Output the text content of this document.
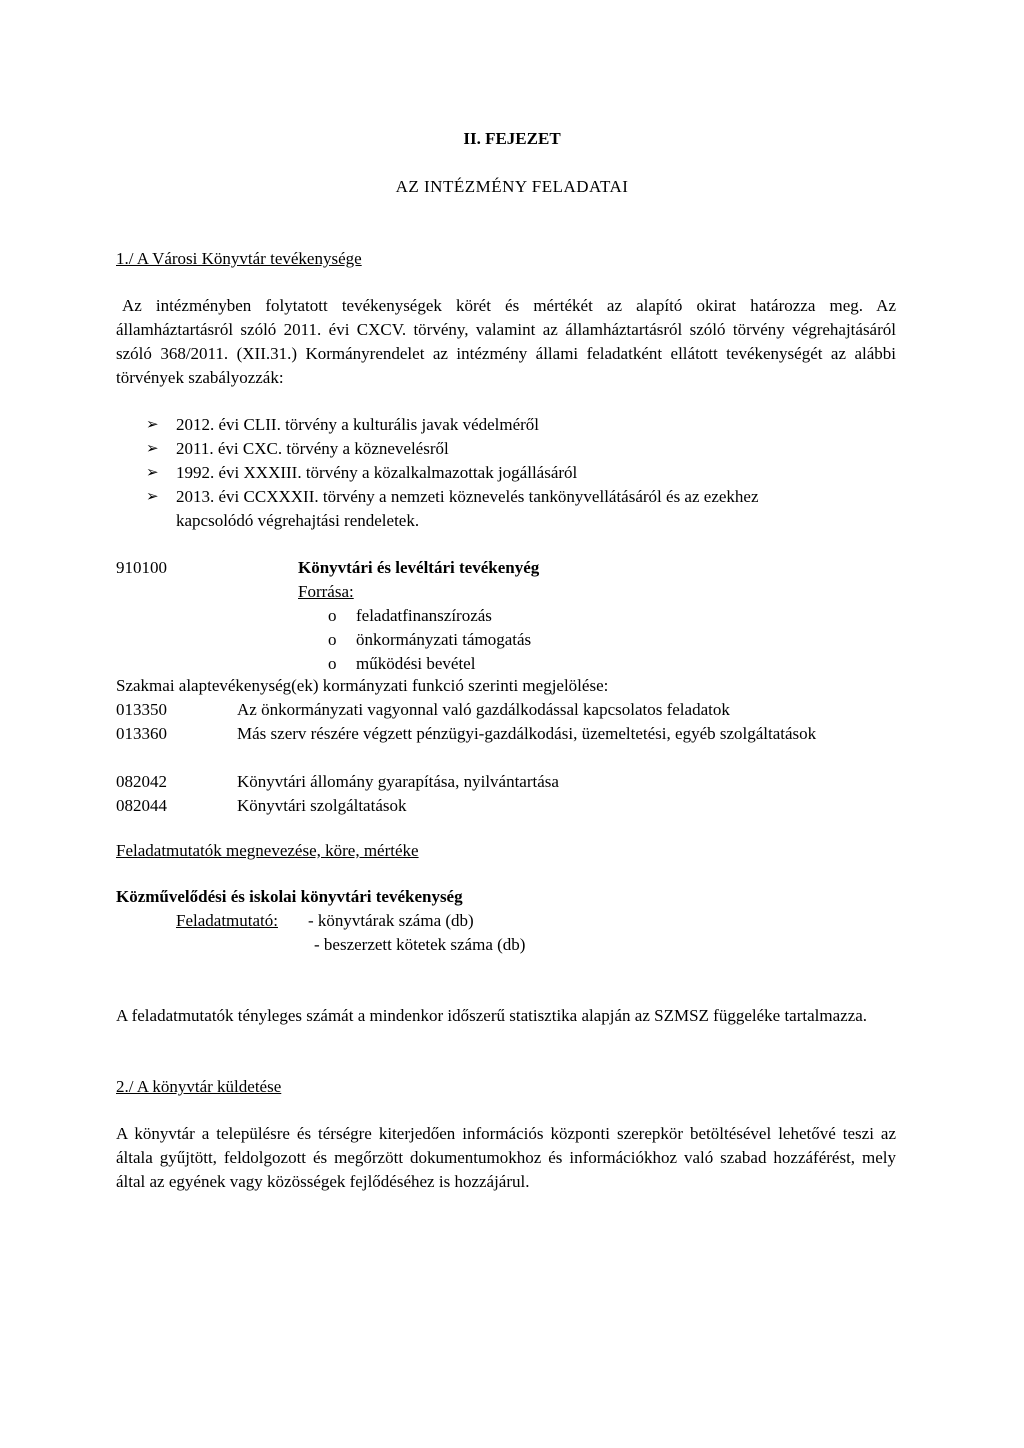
II. FEJEZET
AZ INTÉZMÉNY FELADATAI
1./ A Városi Könyvtár tevékenysége
Az intézményben folytatott tevékenységek körét és mértékét az alapító okirat határozza meg. Az államháztartásról szóló 2011. évi CXCV. törvény, valamint az államháztartásról szóló törvény végrehajtásáról szóló 368/2011. (XII.31.) Kormányrendelet az intézmény állami feladatként ellátott tevékenységét az alábbi törvények szabályozzák:
➢ 2012. évi CLII. törvény a kulturális javak védelméről
➢ 2011. évi CXC. törvény a köznevelésről
➢ 1992. évi XXXIII. törvény a közalkalmazottak jogállásáról
➢ 2013. évi CCXXXII. törvény a nemzeti köznevelés tankönyvellátásáról és az ezekhez kapcsolódó végrehajtási rendeletek.
910100	Könyvtári és levéltári tevékenyég
Forrása:
o feladatfinanszírozás
o önkormányzati támogatás
o működési bevétel
Szakmai alaptevékenység(ek) kormányzati funkció szerinti megjelölése:
013350	Az önkormányzati vagyonnal való gazdálkodással kapcsolatos feladatok
013360	Más szerv részére végzett pénzügyi-gazdálkodási, üzemeltetési, egyéb szolgáltatások
082042	Könyvtári állomány gyarapítása, nyilvántartása
082044	Könyvtári szolgáltatások
Feladatmutatók megnevezése, köre, mértéke
Közművelődési és iskolai könyvtári tevékenység
Feladatmutató: - könyvtárak száma (db)
- beszerzett kötetek száma (db)
A feladatmutatók tényleges számát a mindenkor időszerű statisztika alapján az SZMSZ függeléke tartalmazza.
2./ A könyvtár küldetése
A könyvtár a településre és térségre kiterjedően információs központi szerepkör betöltésével lehetővé teszi az általa gyűjtött, feldolgozott és megőrzött dokumentumokhoz és információkhoz való szabad hozzáférést, mely által az egyének vagy közösségek fejlődéséhez is hozzájárul.
